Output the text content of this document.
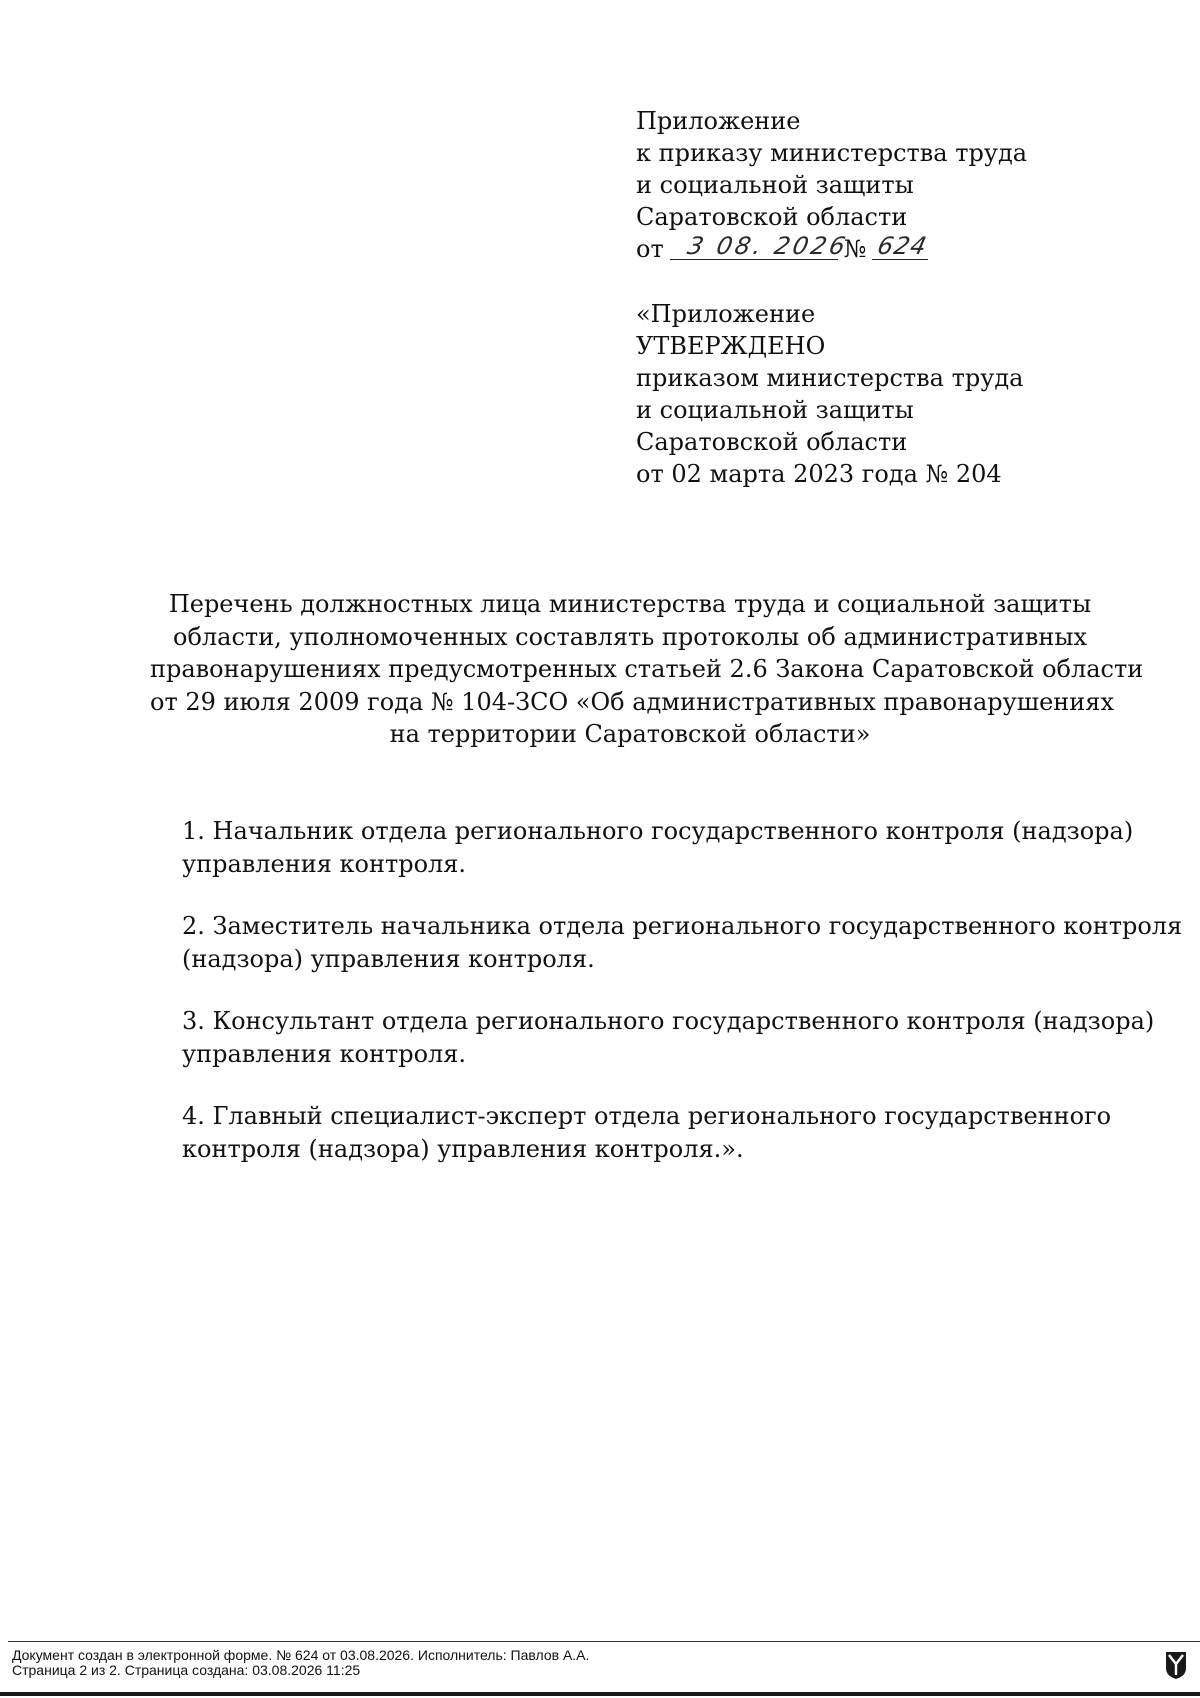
Приложение
к приказу министерства труда
и социальной защиты
Саратовской области
от 3 08. 2026
№ 624
«Приложение
УТВЕРЖДЕНО
приказом министерства труда
и социальной защиты
Саратовской области
от 02 марта 2023 года № 204
Перечень должностных лица министерства труда и социальной защиты
области, уполномоченных составлять протоколы об административных
правонарушениях предусмотренных статьей 2.6 Закона Саратовской области
от 29 июля 2009 года № 104-ЗСО «Об административных правонарушениях
на территории Саратовской области»
1. Начальник отдела регионального государственного контроля (надзора)
управления контроля.
2. Заместитель начальника отдела регионального государственного контроля
(надзора) управления контроля.
3. Консультант отдела регионального государственного контроля (надзора)
управления контроля.
4. Главный специалист-эксперт отдела регионального государственного
контроля (надзора) управления контроля.».
Документ создан в электронной форме. № 624 от 03.08.2026. Исполнитель: Павлов А.А.
Страница 2 из 2. Страница создана: 03.08.2026 11:25
